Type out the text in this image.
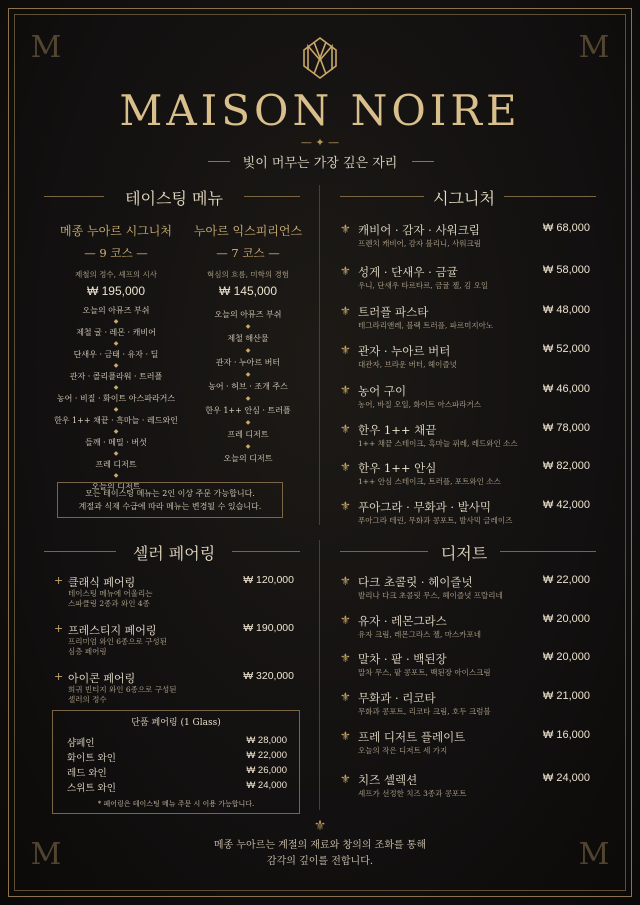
M	M
M	M
MAISON NOIRE
— ✦ —
빛이 머무는 가장 깊은 자리
테이스팅 메뉴
메종 누아르 시그니처
— 9 코스 —
제철의 정수, 셰프의 시사
₩ 195,000
오늘의 아뮤즈 부쉬
◆
제철 굴 · 레몬 · 캐비어
◆
단새우 · 금태 · 유자 · 딜
◆
관자 · 콜리플라워 · 트러플
◆
농어 · 비질 · 화이트 아스파라거스
◆
한우 1++ 채끝 · 흑마늘 · 레드와인
◆
들깨 · 메밀 · 버섯
◆
프레 디저트
◆
오늘의 디저트
누아르 익스피리언스
— 7 코스 —
혁심의 흐름, 미학의 경험
₩ 145,000
오늘의 아뮤즈 부쉬
◆
제철 해산물
◆
관자 · 누아르 버터
◆
농어 · 허브 · 조개 주스
◆
한우 1++ 안심 · 트러플
◆
프레 디저트
◆
오늘의 디저트
모든 테이스팅 메뉴는 2인 이상 주문 가능합니다.
계절과 식재 수급에 따라 메뉴는 변경될 수 있습니다.
시그니처
⚜ 캐비어 · 감자 · 사워크림	₩ 68,000
프렌치 캐비어, 감자 블리니, 사워크림
⚜ 성게 · 단새우 · 금귤	₩ 58,000
우니, 단새우 타르타르, 금귤 젤, 김 오일
⚜ 트러플 파스타	₩ 48,000
테그라리앤레, 블랙 트러플, 파르미지아노
⚜ 관자 · 누아르 버터	₩ 52,000
대관자, 브라운 버터, 헤이즐넛
⚜ 농어 구이	₩ 46,000
농어, 바질 오일, 화이트 아스파라거스
⚜ 한우 1++ 채끝	₩ 78,000
1++ 채끝 스테이크, 흑마늘 퓌레, 레드와인 소스
⚜ 한우 1++ 안심	₩ 82,000
1++ 안심 스테이크, 트러플, 포트와인 소스
⚜ 푸아그라 · 무화과 · 발사믹	₩ 42,000
푸아그라 테린, 무화과 콩포트, 발사믹 글레이즈
셀러 페어링
+ 클래식 페어링	₩ 120,000
테이스팅 메뉴에 어울리는
스파클링 2종과 와인 4종
+ 프레스티지 페어링	₩ 190,000
프리미엄 와인 6종으로 구성된
심층 페어링
+ 아이콘 페어링	₩ 320,000
희귀 빈티지 와인 6종으로 구성된
셀러의 정수
단품 페어링 (1 Glass)
샴페인	₩ 28,000
화이트 와인	₩ 22,000
레드 와인	₩ 26,000
스위트 와인	₩ 24,000
* 페어링은 테이스팅 메뉴 주문 시 이용 가능합니다.
디저트
⚜ 다크 초콜릿 · 헤이즐넛	₩ 22,000
발리나 다크 초콜릿 무스, 헤이즐넛 프랄리네
⚜ 유자 · 레몬그라스	₩ 20,000
유자 크림, 레몬그라스 젤, 마스카포네
⚜ 말차 · 팥 · 백된장	₩ 20,000
말차 무스, 팥 콩포트, 백된장 아이스크림
⚜ 무화과 · 리코타	₩ 21,000
무화과 콩포트, 리코타 크림, 호두 크럼블
⚜ 프레 디저트 플레이트	₩ 16,000
오늘의 작은 디저트 세 가지
⚜ 치즈 셀렉션	₩ 24,000
셰프가 선정한 치즈 3종과 콩포트
⚜
메종 누아르는 계절의 재료와 창의의 조화를 통해
감각의 깊이를 전합니다.
